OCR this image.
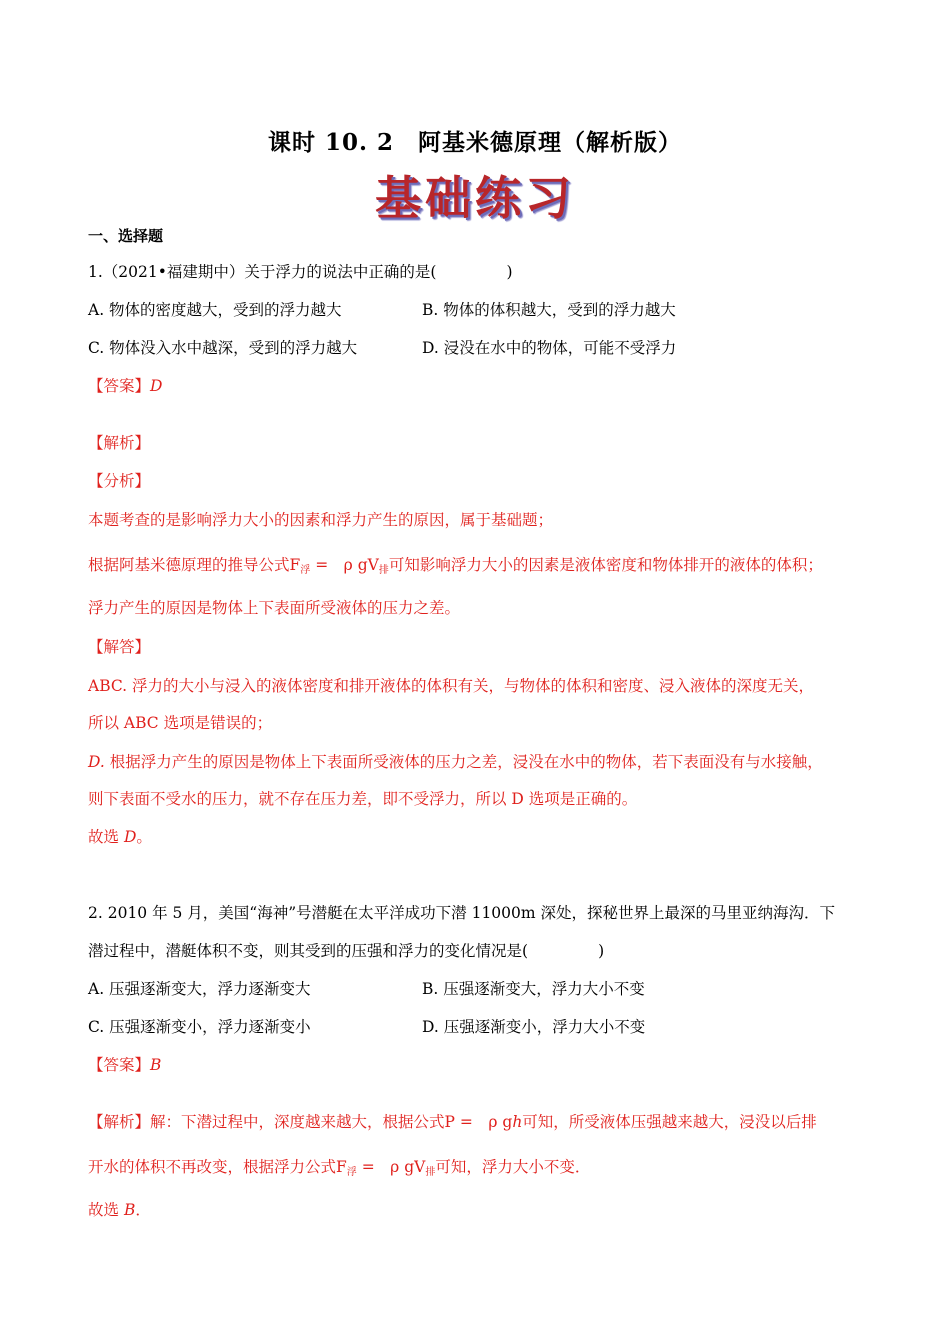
课时 10. 2　阿基米德原理（解析版）
基础练习
一、选择题
1.（2021•福建期中）关于浮力的说法中正确的是(	)
A. 物体的密度越大，受到的浮力越大	B. 物体的体积越大，受到的浮力越大
C. 物体没入水中越深，受到的浮力越大	D. 浸没在水中的物体，可能不受浮力
【答案】D
【解析】
【分析】
本题考查的是影响浮力大小的因素和浮力产生的原因，属于基础题；
根据阿基米德原理的推导公式$F_浮$ =　ρ $gV_排$可知影响浮力大小的因素是液体密度和物体排开的液体的体积；
浮力产生的原因是物体上下表面所受液体的压力之差。
【解答】
ABC. 浮力的大小与浸入的液体密度和排开液体的体积有关，与物体的体积和密度、浸入液体的深度无关，
所以 ABC 选项是错误的；
D. 根据浮力产生的原因是物体上下表面所受液体的压力之差，浸没在水中的物体，若下表面没有与水接触，
则下表面不受水的压力，就不存在压力差，即不受浮力，所以 D 选项是正确的。
故选 D。
2. 2010 年 5 月，美国“海神”号潜艇在太平洋成功下潜 11000m 深处，探秘世界上最深的马里亚纳海沟．下
潜过程中，潜艇体积不变，则其受到的压强和浮力的变化情况是(	)
A. 压强逐渐变大，浮力逐渐变大	B. 压强逐渐变大，浮力大小不变
C. 压强逐渐变小，浮力逐渐变小	D. 压强逐渐变小，浮力大小不变
【答案】B
【解析】解：下潜过程中，深度越来越大，根据公式P =　ρ gh可知，所受液体压强越来越大，浸没以后排
开水的体积不再改变，根据浮力公式$F_浮$ =　ρ $gV_排$可知，浮力大小不变．
故选 B．
